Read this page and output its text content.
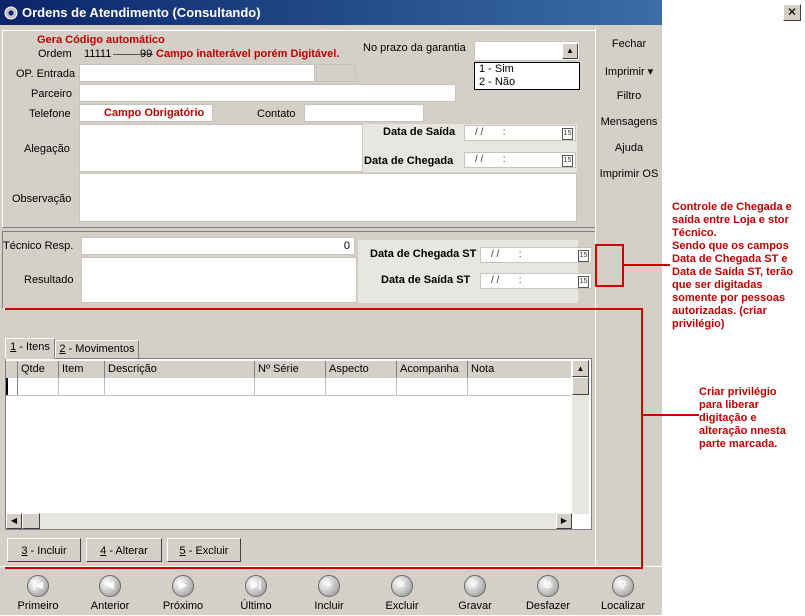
Ordens de Atendimento (Consultando)	✕
Gera Código automático
Ordem 11111	99 Campo inalterável porém Digitável. No prazo da garantia	▲
1 - Sim
2 - Não
OP. Entrada
Parceiro
Telefone	Campo Obrigatório	Contato
Alegação
Data de Saída / /       :	15
Data de Chegada / /       :	15
Observação
Técnico Resp.	0
Resultado
Data de Chegada ST / /       :	15
Data de Saída ST / /       :	15
Fechar
Imprimir ▾
Filtro
Mensagens
Ajuda
Imprimir OS
1 - Itens 2 - Movimentos
Qtde	Item	Descrição	Nº Série	Aspecto	Acompanha	Nota	▲
◀	▶
3 - Incluir	4 - Alterar	5 - Excluir
|◀
Primeiro
◀
Anterior
▶
Próximo
▶|
Último
+
Incluir
✕
Excluir
✓
Gravar
⊘
Desfazer
⚲
Localizar
Controle de Chegada e
saída entre Loja e stor
Técnico.
Sendo que os campos
Data de Chegada ST e
Data de Saída ST, terão
que ser digitadas
somente por pessoas
autorizadas. (criar
privilégio)
Criar privilégio
para liberar
digitação e
alteração nnesta
parte marcada.
